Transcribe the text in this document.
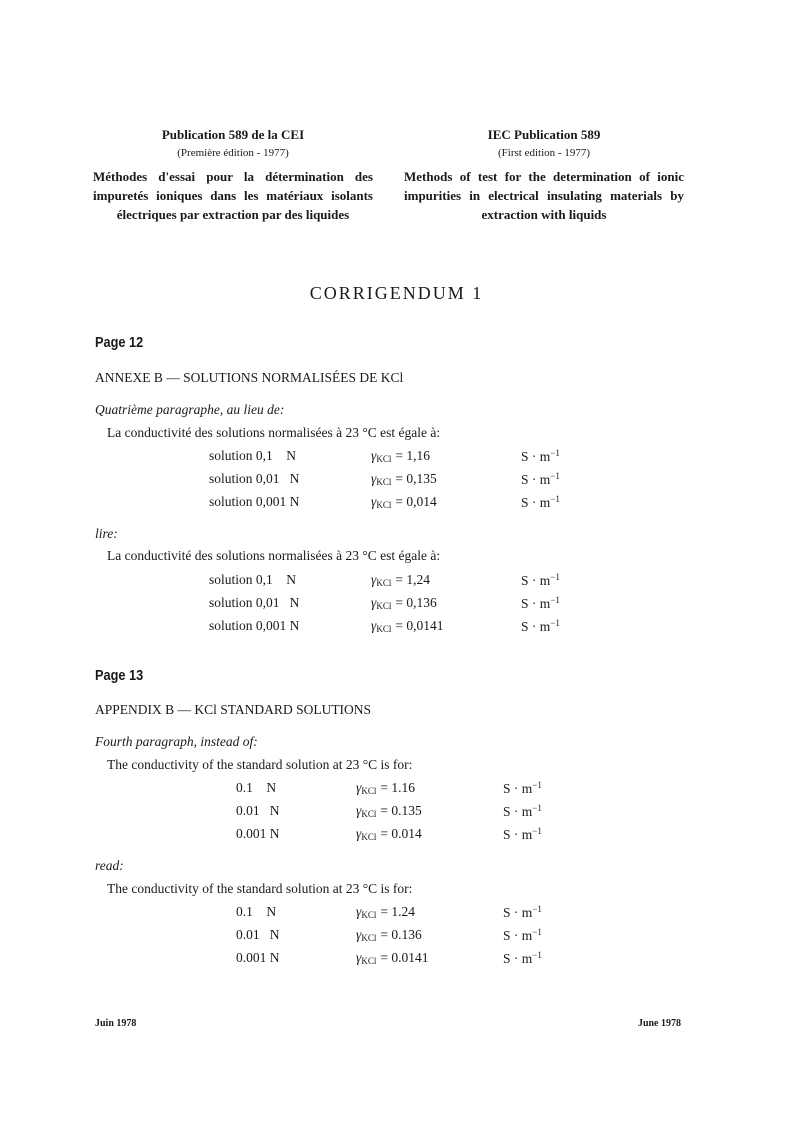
Publication 589 de la CEI
(Première édition - 1977)
Méthodes d'essai pour la détermination des impuretés ioniques dans les matériaux isolants électriques par extraction par des liquides
IEC Publication 589
(First edition - 1977)
Methods of test for the determination of ionic impurities in electrical insulating materials by extraction with liquids
CORRIGENDUM 1
Page 12
ANNEXE B — SOLUTIONS NORMALISÉES DE KCl
Quatrième paragraphe, au lieu de:
La conductivité des solutions normalisées à 23 °C est égale à:
solution 0,1    N	$\gamma_{KCl} = 1,16$	$S \cdot m^{-1}$
solution 0,01   N	$\gamma_{KCl} = 0,135$	$S \cdot m^{-1}$
solution 0,001 N	$\gamma_{KCl} = 0,014$	$S \cdot m^{-1}$
lire:
La conductivité des solutions normalisées à 23 °C est égale à:
solution 0,1    N	$\gamma_{KCl} = 1,24$	$S \cdot m^{-1}$
solution 0,01   N	$\gamma_{KCl} = 0,136$	$S \cdot m^{-1}$
solution 0,001 N	$\gamma_{KCl} = 0,0141$	$S \cdot m^{-1}$
Page 13
APPENDIX B — KCl STANDARD SOLUTIONS
Fourth paragraph, instead of:
The conductivity of the standard solution at 23 °C is for:
0.1    N	$\gamma_{KCl} = 1.16$	$S \cdot m^{-1}$
0.01   N	$\gamma_{KCl} = 0.135$	$S \cdot m^{-1}$
0.001 N	$\gamma_{KCl} = 0.014$	$S \cdot m^{-1}$
read:
The conductivity of the standard solution at 23 °C is for:
0.1    N	$\gamma_{KCl} = 1.24$	$S \cdot m^{-1}$
0.01   N	$\gamma_{KCl} = 0.136$	$S \cdot m^{-1}$
0.001 N	$\gamma_{KCl} = 0.0141$	$S \cdot m^{-1}$
Juin 1978	June 1978
